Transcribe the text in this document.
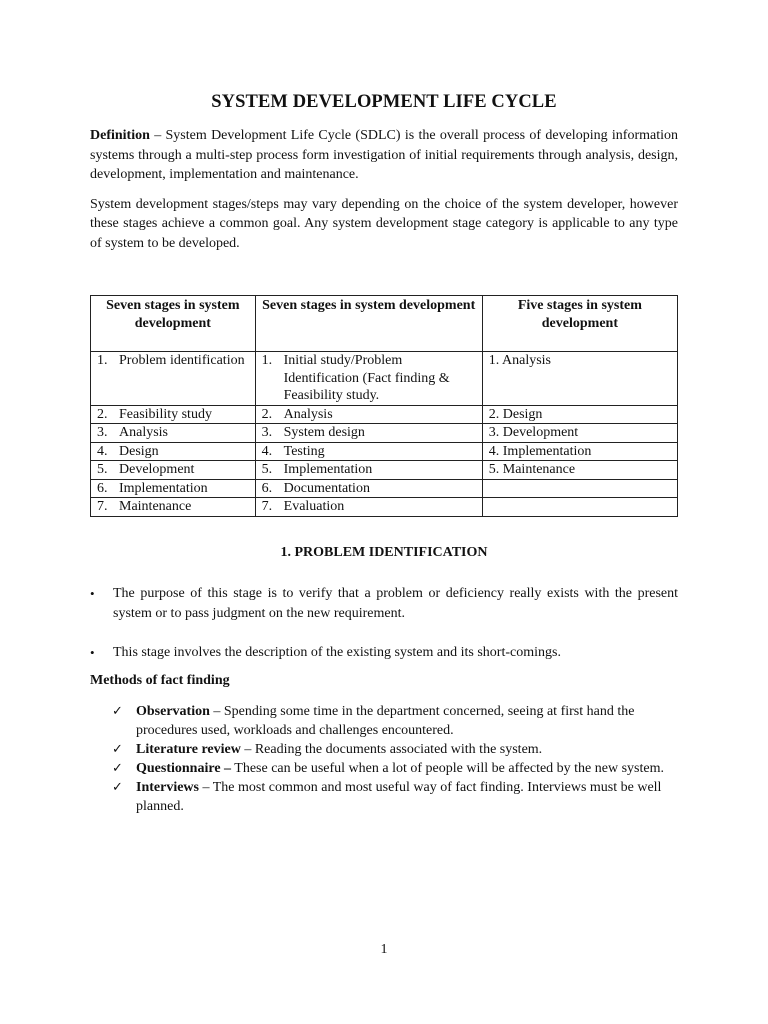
SYSTEM DEVELOPMENT LIFE CYCLE

Definition – System Development Life Cycle (SDLC) is the overall process of developing information systems through a multi-step process form investigation of initial requirements through analysis, design, development, implementation and maintenance.

System development stages/steps may vary depending on the choice of the system developer, however these stages achieve a common goal. Any system development stage category is applicable to any type of system to be developed.

Seven stages in system development	Seven stages in system development	Five stages in system development

1. Problem identification	1. Initial study/Problem Identification (Fact finding & Feasibility study.	1. Analysis

2. Feasibility study	2. Analysis	2. Design

3. Analysis	3. System design	3. Development

4. Design	4. Testing	4. Implementation

5. Development	5. Implementation	5. Maintenance

6. Implementation	6. Documentation	

7. Maintenance	7. Evaluation	

1. PROBLEM IDENTIFICATION
•	The purpose of this stage is to verify that a problem or deficiency really exists with the present system or to pass judgment on the new requirement.
•	This stage involves the description of the existing system and its short-comings.
Methods of fact finding
✓ Observation – Spending some time in the department concerned, seeing at first hand the procedures used, workloads and challenges encountered.
✓ Literature review – Reading the documents associated with the system.
✓ Questionnaire – These can be useful when a lot of people will be affected by the new system.
✓ Interviews – The most common and most useful way of fact finding. Interviews must be well planned.
1
